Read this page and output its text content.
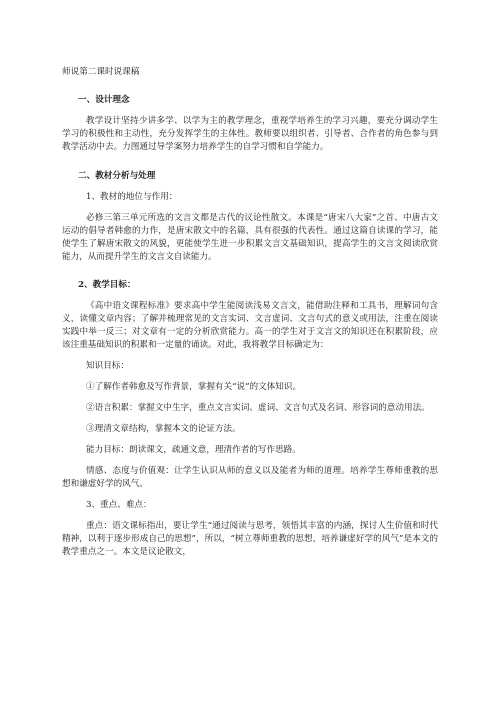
师说第二课时说课稿
一、设计理念
教学设计坚持少讲多学、以学为主的教学理念，重视学培养生的学习兴趣，要充分调动学生学习的积极性和主动性，充分发挥学生的主体性。教师要以组织者、引导者、合作者的角色参与到教学活动中去。力图通过导学案努力培养学生的自学习惯和自学能力。
二、教材分析与处理
1、教材的地位与作用：
必修三第三单元所选的文言文都是古代的议论性散文。本课是“唐宋八大家”之首、中唐古文运动的倡导者韩愈的力作，是唐宋散文中的名篇，具有很强的代表性。通过这篇自读课的学习，能使学生了解唐宋散文的风貌，更能使学生进一步积累文言文基础知识，提高学生的文言文阅读欣赏能力，从而提升学生的文言文自读能力。
2、教学目标：
《高中语文课程标准》要求高中学生能阅读浅易文言文，能借助注释和工具书，理解词句含义，读懂文章内容；了解并梳理常见的文言实词、文言虚词、文言句式的意义或用法，注重在阅读实践中举一反三；对文章有一定的分析欣赏能力。高一的学生对于文言文的知识还在积累阶段，应该注重基础知识的积累和一定量的诵读。对此，我将教学目标确定为：
知识目标：
①了解作者韩愈及写作背景，掌握有关“说”的文体知识。
②语言积累：掌握文中生字，重点文言实词、虚词、文言句式及名词、形容词的意动用法。
③理清文章结构，掌握本文的论证方法。
能力目标：朗读课文，疏通文意，理清作者的写作思路。
情感、态度与价值观：让学生认识从师的意义以及能者为师的道理。培养学生尊师重教的思想和谦虚好学的风气。
3、重点、难点：
重点：语文课标指出，要让学生“通过阅读与思考，领悟其丰富的内涵，探讨人生价值和时代精神，以利于逐步形成自己的思想”，所以，“树立尊师重教的思想，培养谦虚好学的风气”是本文的教学重点之一。本文是议论散文，
